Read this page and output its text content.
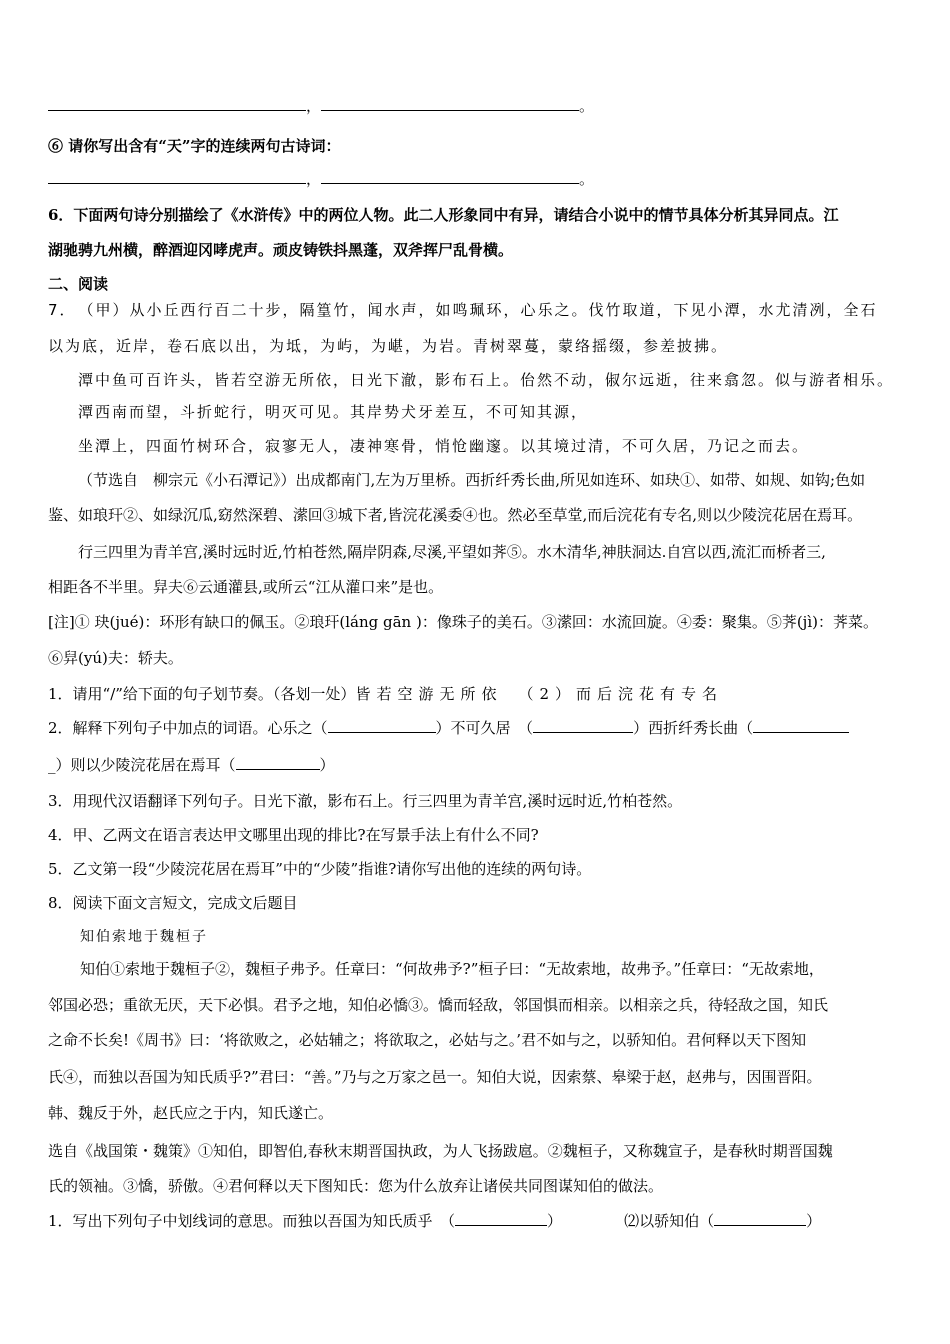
，	。
⑥ 请你写出含有“天”字的连续两句古诗词：
，	。
6．下面两句诗分别描绘了《水浒传》中的两位人物。此二人形象同中有异，请结合小说中的情节具体分析其异同点。江
湖驰骋九州横，醉酒迎冈哮虎声。顽皮铸铁抖黑蓬，双斧挥尸乱骨横。
二、阅读
7．　（甲）从小丘西行百二十步，隔篁竹，闻水声，如鸣珮环，心乐之。伐竹取道，下见小潭，水尤清冽，全石
以为底，近岸，卷石底以出，为坻，为屿，为嵁，为岩。青树翠蔓，蒙络摇缀，参差披拂。
潭中鱼可百许头，皆若空游无所依，日光下澈，影布石上。佁然不动，俶尔远逝，往来翕忽。似与游者相乐。
潭西南而望，斗折蛇行，明灭可见。其岸势犬牙差互，不可知其源，
坐潭上，四面竹树环合，寂寥无人，凄神寒骨，悄怆幽邃。以其境过清，不可久居，乃记之而去。
（节选自　柳宗元《小石潭记》）出成都南门,左为万里桥。西折纤秀长曲,所见如连环、如玦①、如带、如规、如钩;色如
鉴、如琅玕②、如绿沉瓜,窈然深碧、潆回③城下者,皆浣花溪委④也。然必至草堂,而后浣花有专名,则以少陵浣花居在焉耳。
行三四里为青羊宫,溪时远时近,竹柏苍然,隔岸阴森,尽溪,平望如荠⑤。水木清华,神肤洞达.自宫以西,流汇而桥者三,
相距各不半里。舁夫⑥云通灌县,或所云“江从灌口来”是也。
[注]① 玦(jué)：环形有缺口的佩玉。②琅玕(láng gān )：像珠子的美石。③潆回：水流回旋。④委：聚集。⑤荠(jì)：荠菜。
⑥舁(yú)夫：轿夫。
1．请用“/”给下面的句子划节奏。（各划一处）皆若空游无所依 （2）而后浣花有专名
2．解释下列句子中加点的词语。心乐之（	）不可久居　（	）西折纤秀长曲（
_）则以少陵浣花居在焉耳（	）
3．用现代汉语翻译下列句子。日光下澈，影布石上。行三四里为青羊宫,溪时远时近,竹柏苍然。
4．甲、乙两文在语言表达甲文哪里出现的排比?在写景手法上有什么不同?
5．乙文第一段“少陵浣花居在焉耳”中的“少陵”指谁?请你写出他的连续的两句诗。
8．阅读下面文言短文，完成文后题目
知伯索地于魏桓子
知伯①索地于魏桓子②，魏桓子弗予。任章曰：“何故弗予?”桓子曰：“无故索地，故弗予。”任章曰：“无故索地，
邻国必恐；重欲无厌，天下必惧。君予之地，知伯必憍③。憍而轻敌，邻国惧而相亲。以相亲之兵，待轻敌之国，知氏
之命不长矣!《周书》曰：‘将欲败之，必姑辅之；将欲取之，必姑与之。’君不如与之，以骄知伯。君何释以天下图知
氏④，而独以吾国为知氏质乎?”君曰：“善。”乃与之万家之邑一。知伯大说，因索蔡、皋梁于赵，赵弗与，因围晋阳。
韩、魏反于外，赵氏应之于内，知氏遂亡。
选自《战国策・魏策》①知伯，即智伯,春秋末期晋国执政，为人飞扬跋扈。②魏桓子，又称魏宣子，是春秋时期晋国魏
氏的领袖。③憍，骄傲。④君何释以天下图知氏：您为什么放弃让诸侯共同图谋知伯的做法。
1．写出下列句子中划线词的意思。而独以吾国为知氏质乎　（	）	⑵以骄知伯（	）
